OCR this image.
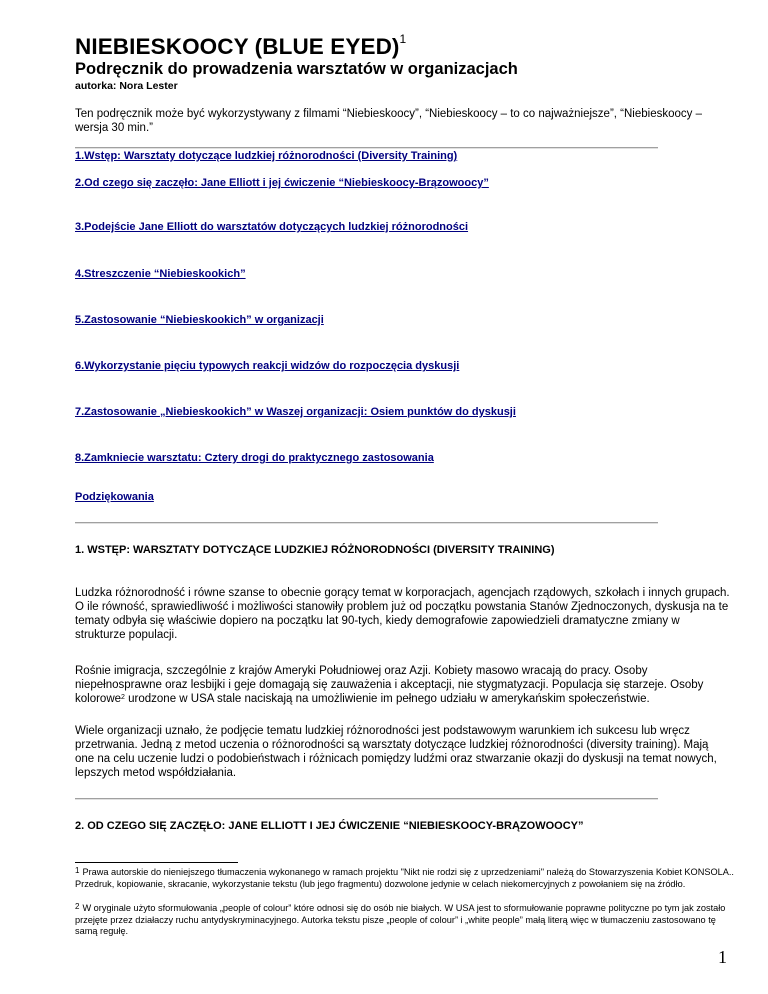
NIEBIESKOOCY (BLUE EYED)$^1$
Podręcznik do prowadzenia warsztatów w organizacjach
autorka: Nora Lester
Ten podręcznik może być wykorzystywany z filmami “Niebieskoocy”, “Niebieskoocy – to co najważniejsze”, “Niebieskoocy – wersja 30 min.”
1.Wstęp: Warsztaty dotyczące ludzkiej różnorodności (Diversity Training)
2.Od czego się zaczęło: Jane Elliott i jej ćwiczenie “Niebieskoocy-Brązowoocy”
3.Podejście Jane Elliott do warsztatów dotyczących ludzkiej różnorodności
4.Streszczenie “Niebieskookich”
5.Zastosowanie “Niebieskookich” w organizacji
6.Wykorzystanie pięciu typowych reakcji widzów do rozpoczęcia dyskusji
7.Zastosowanie „Niebieskookich” w Waszej organizacji: Osiem punktów do dyskusji
8.Zamkniecie warsztatu: Cztery drogi do praktycznego zastosowania
Podziękowania
1. WSTĘP: WARSZTATY DOTYCZĄCE LUDZKIEJ RÓŻNORODNOŚCI (DIVERSITY TRAINING)
Ludzka różnorodność i równe szanse to obecnie gorący temat w korporacjach, agencjach rządowych, szkołach i innych grupach. O ile równość, sprawiedliwość i możliwości stanowiły problem już od początku powstania Stanów Zjednoczonych, dyskusja na te tematy odbyła się właściwie dopiero na początku lat 90-tych, kiedy demografowie zapowiedzieli dramatyczne zmiany w strukturze populacji.
Rośnie imigracja, szczególnie z krajów Ameryki Południowej oraz Azji. Kobiety masowo wracają do pracy. Osoby niepełnosprawne oraz lesbijki i geje domagają się zauważenia i akceptacji, nie stygmatyzacji. Populacja się starzeje. Osoby kolorowe$^2$ urodzone w USA stale naciskają na umożliwienie im pełnego udziału w amerykańskim społeczeństwie.
Wiele organizacji uznało, że podjęcie tematu ludzkiej różnorodności jest podstawowym warunkiem ich sukcesu lub wręcz przetrwania. Jedną z metod uczenia o różnorodności są warsztaty dotyczące ludzkiej różnorodności (diversity training). Mają one na celu uczenie ludzi o podobieństwach i różnicach pomiędzy ludźmi oraz stwarzanie okazji do dyskusji na temat nowych, lepszych metod współdziałania.
2. OD CZEGO SIĘ ZACZĘŁO: JANE ELLIOTT I JEJ ĆWICZENIE “NIEBIESKOOCY-BRĄZOWOOCY”
$^1$ Prawa autorskie do nieniejszego tłumaczenia wykonanego w ramach projektu "Nikt nie rodzi się z uprzedzeniami" należą do Stowarzyszenia Kobiet KONSOLA.. Przedruk, kopiowanie, skracanie, wykorzystanie tekstu (lub jego fragmentu) dozwolone jedynie w celach niekomercyjnych z powołaniem się na źródło.
$^2$ W oryginale użyto sformułowania „people of colour” które odnosi się do osób nie białych. W USA jest to sformułowanie poprawne polityczne po tym jak zostało przejęte przez działaczy ruchu antydyskryminacyjnego. Autorka tekstu pisze „people of colour” i „white people” małą literą więc w tłumaczeniu zastosowano tę samą regułę.
1
